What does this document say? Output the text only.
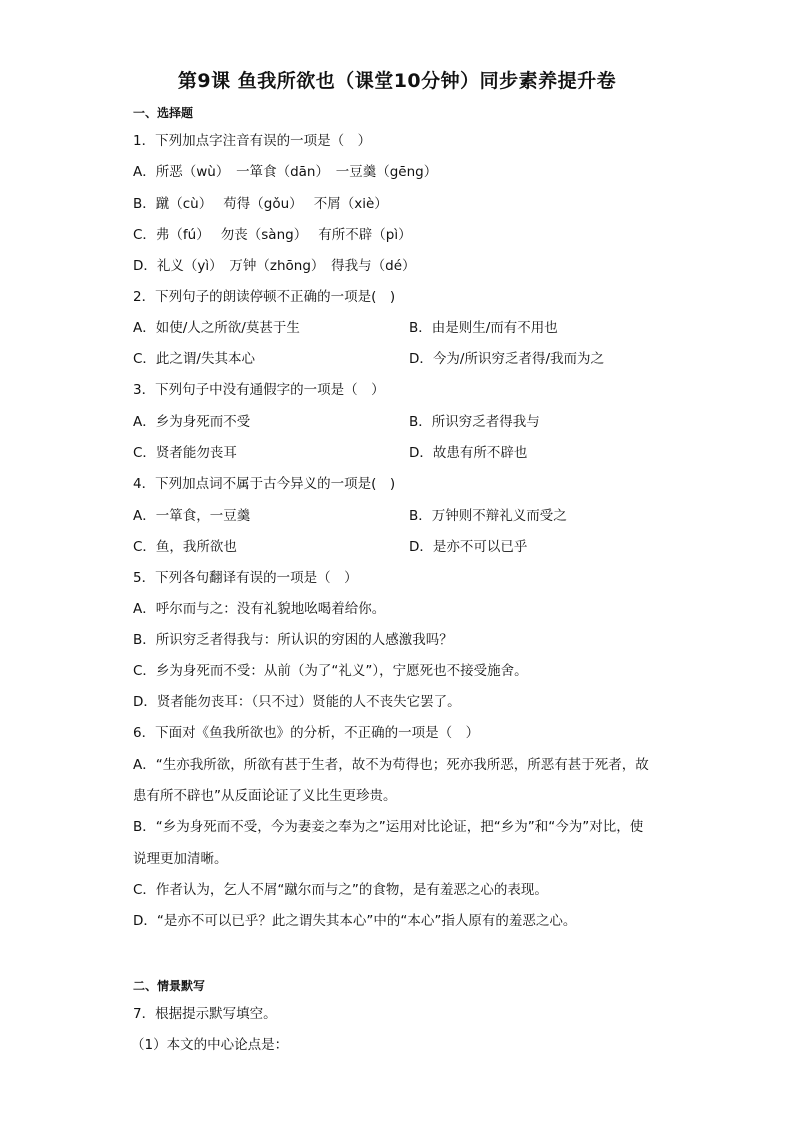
第9课 鱼我所欲也（课堂10分钟）同步素养提升卷
一、选择题
1．下列加点字注音有误的一项是（　）
A．所恶（wù）　一箪食（dān）　一豆羹（gēng）
B．蹴（cù）　 苟得（gǒu）　 不屑（xiè）
C．弗（fú）　 勿丧（sàng）　 有所不辟（pì）
D．礼义（yì）　万钟（zhōng）　得我与（dé）
2．下列句子的朗读停顿不正确的一项是(　)
A．如使/人之所欲/莫甚于生	B．由是则生/而有不用也
C．此之谓/失其本心	D．今为/所识穷乏者得/我而为之
3．下列句子中没有通假字的一项是（　）
A．乡为身死而不受	B．所识穷乏者得我与
C．贤者能勿丧耳	D．故患有所不辟也
4．下列加点词不属于古今异义的一项是(　)
A．一箪食，一豆羹	B．万钟则不辩礼义而受之
C．鱼，我所欲也	D．是亦不可以已乎
5．下列各句翻译有误的一项是（　）
A．呼尔而与之：没有礼貌地吆喝着给你。
B．所识穷乏者得我与：所认识的穷困的人感激我吗？
C．乡为身死而不受：从前（为了“礼义”），宁愿死也不接受施舍。
D．贤者能勿丧耳：（只不过）贤能的人不丧失它罢了。
6．下面对《鱼我所欲也》的分析，不正确的一项是（　）
A．“生亦我所欲，所欲有甚于生者，故不为苟得也；死亦我所恶，所恶有甚于死者，故
患有所不辟也”从反面论证了义比生更珍贵。
B．“乡为身死而不受，今为妻妾之奉为之”运用对比论证，把“乡为”和“今为”对比，使
说理更加清晰。
C．作者认为，乞人不屑“蹴尔而与之”的食物，是有羞恶之心的表现。
D．“是亦不可以已乎？此之谓失其本心”中的“本心”指人原有的羞恶之心。
二、情景默写
7．根据提示默写填空。
（1）本文的中心论点是：
